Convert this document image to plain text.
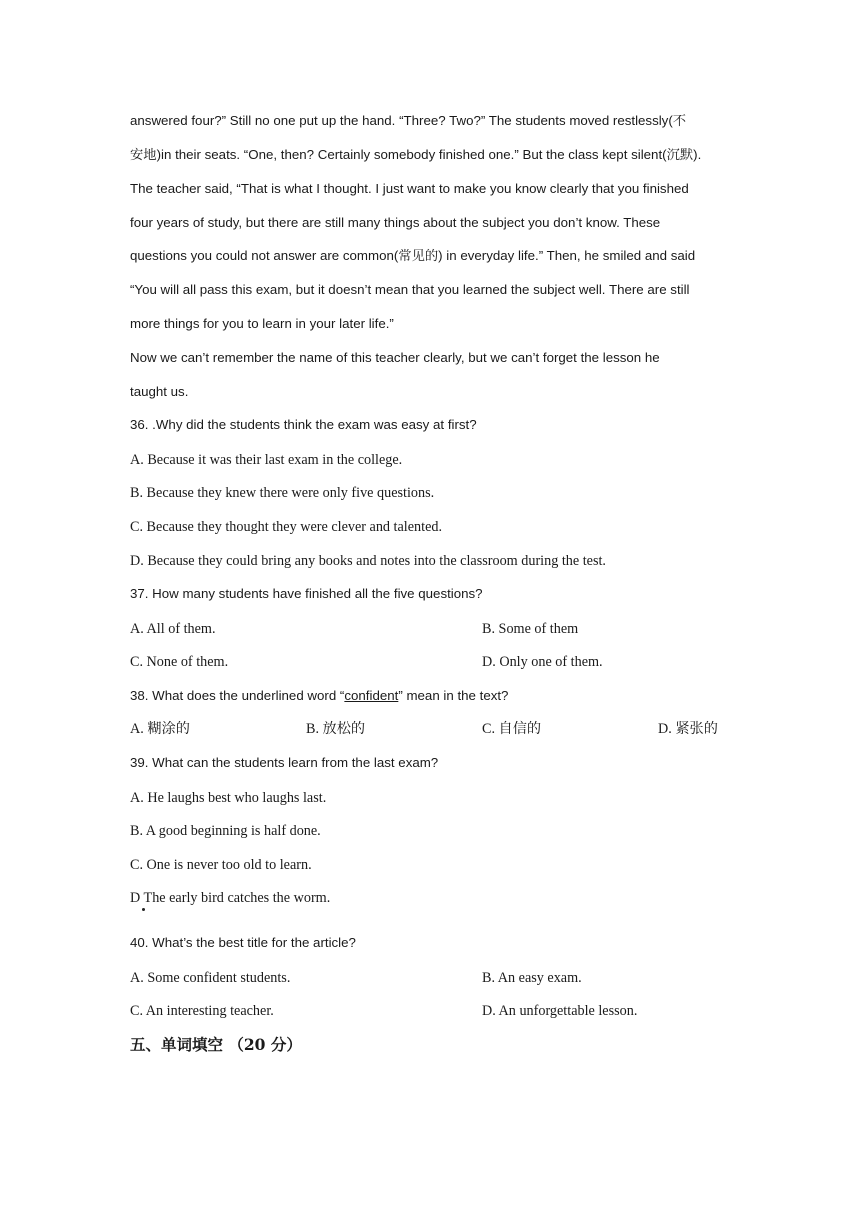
answered four?” Still no one put up the hand. “Three? Two?” The students moved restlessly(不
安地)in their seats. “One, then? Certainly somebody finished one.” But the class kept silent(沉默).
The teacher said, “That is what I thought. I just want to make you know clearly that you finished
four years of study, but there are still many things about the subject you don’t know. These
questions you could not answer are common(常见的) in everyday life.” Then, he smiled and said
“You will all pass this exam, but it doesn’t mean that you learned the subject well. There are still
more things for you to learn in your later life.”
Now we can’t remember the name of this teacher clearly, but we can’t forget the lesson he
taught us.
36. .Why did the students think the exam was easy at first?
A. Because it was their last exam in the college.
B. Because they knew there were only five questions.
C. Because they thought they were clever and talented.
D. Because they could bring any books and notes into the classroom during the test.
37. How many students have finished all the five questions?
A. All of them.	B. Some of them
C. None of them.	D. Only one of them.
38. What does the underlined word “confident” mean in the text?
A. 糊涂的	B. 放松的	C. 自信的	D. 紧张的
39. What can the students learn from the last exam?
A. He laughs best who laughs last.
B. A good beginning is half done.
C. One is never too old to learn.
D The early bird catches the worm.
40. What’s the best title for the article?
A. Some confident students.	B. An easy exam.
C. An interesting teacher.	D. An unforgettable lesson.
五、单词填空 （20 分）
